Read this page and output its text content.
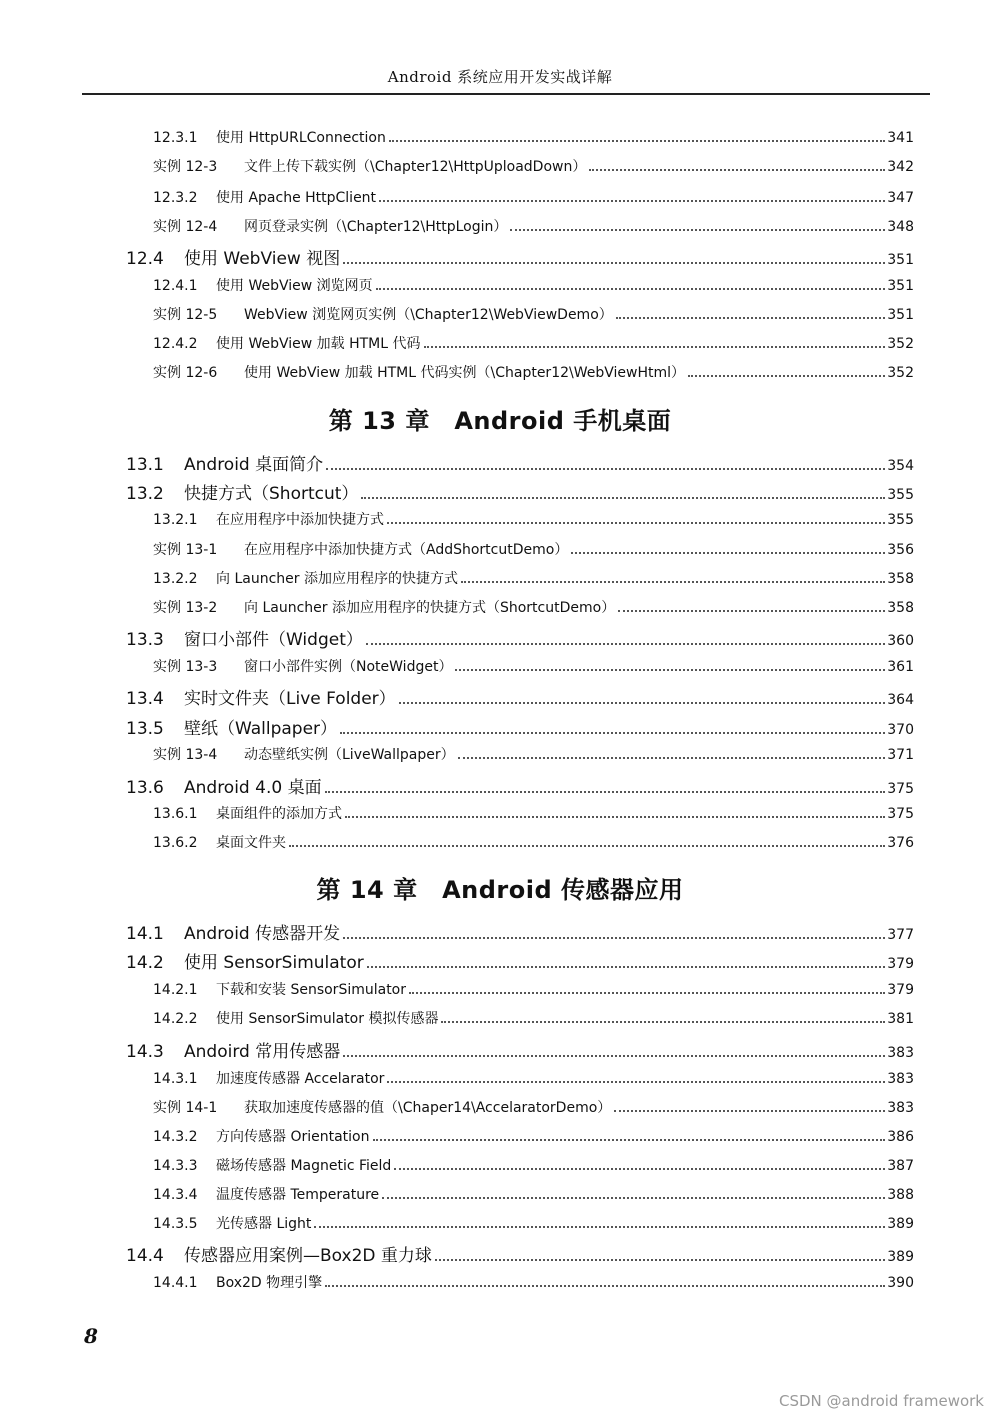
Android 系统应用开发实战详解
12.3.1	使用 HttpURLConnection	341
实例 12-3	文件上传下载实例（\Chapter12\HttpUploadDown）	342
12.3.2	使用 Apache HttpClient	347
实例 12-4	网页登录实例（\Chapter12\HttpLogin）	348
12.4	使用 WebView 视图	351
12.4.1	使用 WebView 浏览网页	351
实例 12-5	WebView 浏览网页实例（\Chapter12\WebViewDemo）	351
12.4.2	使用 WebView 加载 HTML 代码	352
实例 12-6	使用 WebView 加载 HTML 代码实例（\Chapter12\WebViewHtml）	352
第 13 章　Android 手机桌面
13.1	Android 桌面简介	354
13.2	快捷方式（Shortcut）	355
13.2.1	在应用程序中添加快捷方式	355
实例 13-1	在应用程序中添加快捷方式（AddShortcutDemo）	356
13.2.2	向 Launcher 添加应用程序的快捷方式	358
实例 13-2	向 Launcher 添加应用程序的快捷方式（ShortcutDemo）	358
13.3	窗口小部件（Widget）	360
实例 13-3	窗口小部件实例（NoteWidget）	361
13.4	实时文件夹（Live Folder）	364
13.5	壁纸（Wallpaper）	370
实例 13-4	动态壁纸实例（LiveWallpaper）	371
13.6	Android 4.0 桌面	375
13.6.1	桌面组件的添加方式	375
13.6.2	桌面文件夹	376
第 14 章　Android 传感器应用
14.1	Android 传感器开发	377
14.2	使用 SensorSimulator	379
14.2.1	下载和安装 SensorSimulator	379
14.2.2	使用 SensorSimulator 模拟传感器	381
14.3	Andoird 常用传感器	383
14.3.1	加速度传感器 Accelarator	383
实例 14-1	获取加速度传感器的值（\Chaper14\AccelaratorDemo）	383
14.3.2	方向传感器 Orientation	386
14.3.3	磁场传感器 Magnetic Field	387
14.3.4	温度传感器 Temperature	388
14.3.5	光传感器 Light	389
14.4	传感器应用案例—Box2D 重力球	389
14.4.1	Box2D 物理引擎	390
8
CSDN @android framework
